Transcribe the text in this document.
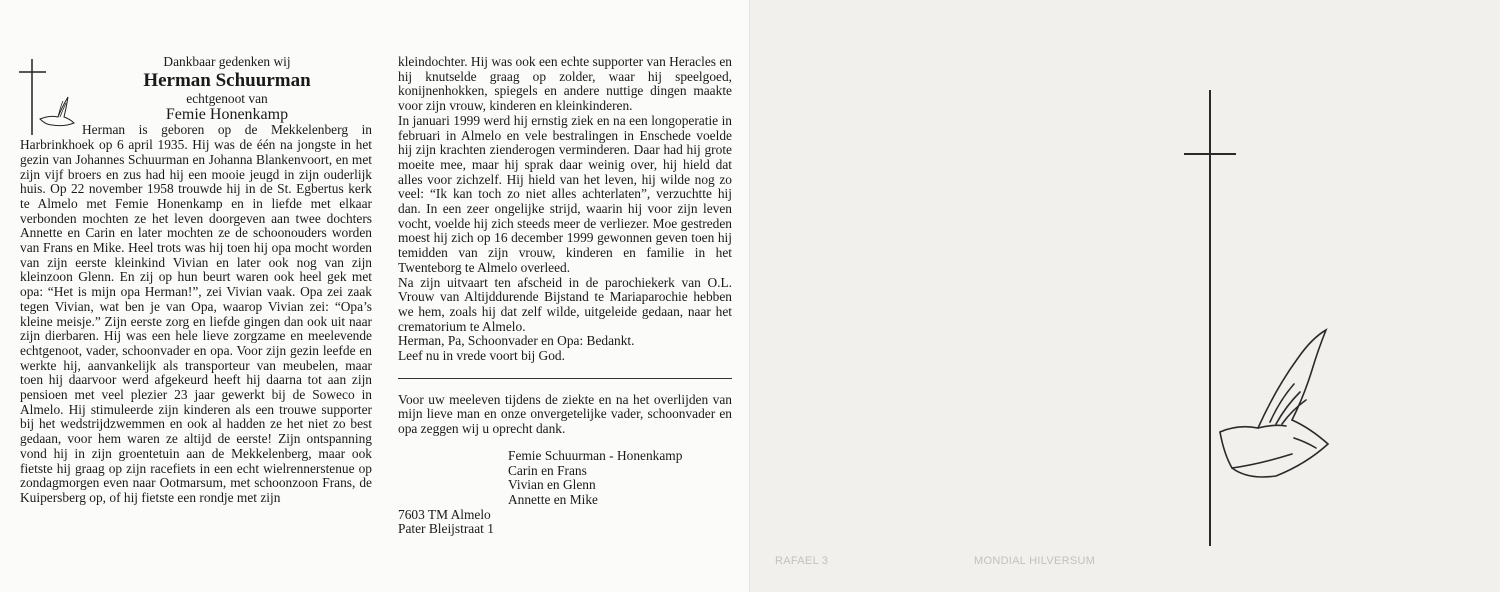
Dankbaar gedenken wij
Herman Schuurman
echtgenoot van
Femie Honenkamp

Herman is geboren op de Mekkelenberg in Harbrinkhoek op 6 april 1935. Hij was de één na jongste in het gezin van Johannes Schuurman en Johanna Blankenvoort, en met zijn vijf broers en zus had hij een mooie jeugd in zijn ouderlijk huis. Op 22 november 1958 trouwde hij in de St. Egbertus kerk te Almelo met Femie Honenkamp en in liefde met elkaar verbonden mochten ze het leven doorgeven aan twee dochters Annette en Carin en later mochten ze de schoonouders worden van Frans en Mike. Heel trots was hij toen hij opa mocht worden van zijn eerste kleinkind Vivian en later ook nog van zijn kleinzoon Glenn. En zij op hun beurt waren ook heel gek met opa: “Het is mijn opa Herman!”, zei Vivian vaak. Opa zei zaak tegen Vivian, wat ben je van Opa, waarop Vivian zei: “Opa’s kleine meisje.” Zijn eerste zorg en liefde gingen dan ook uit naar zijn dierbaren. Hij was een hele lieve zorgzame en meelevende echtgenoot, vader, schoonvader en opa. Voor zijn gezin leefde en werkte hij, aanvankelijk als transporteur van meubelen, maar toen hij daarvoor werd afgekeurd heeft hij daarna tot aan zijn pensioen met veel plezier 23 jaar gewerkt bij de Soweco in Almelo. Hij stimuleerde zijn kinderen als een trouwe supporter bij het wedstrijdzwemmen en ook al hadden ze het niet zo best gedaan, voor hem waren ze altijd de eerste! Zijn ontspanning vond hij in zijn groentetuin aan de Mekkelenberg, maar ook fietste hij graag op zijn racefiets in een echt wielrennerstenue op zondagmorgen even naar Ootmarsum, met schoonzoon Frans, de Kuipersberg op, of hij fietste een rondje met zijn

kleindochter. Hij was ook een echte supporter van Heracles en hij knutselde graag op zolder, waar hij speelgoed, konijnenhokken, spiegels en andere nuttige dingen maakte voor zijn vrouw, kinderen en kleinkinderen.

In januari 1999 werd hij ernstig ziek en na een longoperatie in februari in Almelo en vele bestralingen in Enschede voelde hij zijn krachten zienderogen verminderen. Daar had hij grote moeite mee, maar hij sprak daar weinig over, hij hield dat alles voor zichzelf. Hij hield van het leven, hij wilde nog zo veel: “Ik kan toch zo niet alles achterlaten”, verzuchtte hij dan. In een zeer ongelijke strijd, waarin hij voor zijn leven vocht, voelde hij zich steeds meer de verliezer. Moe gestreden moest hij zich op 16 december 1999 gewonnen geven toen hij temidden van zijn vrouw, kinderen en familie in het Twenteborg te Almelo overleed.

Na zijn uitvaart ten afscheid in de parochiekerk van O.L. Vrouw van Altijddurende Bijstand te Mariaparochie hebben we hem, zoals hij dat zelf wilde, uitgeleide gedaan, naar het crematorium te Almelo.

Herman, Pa, Schoonvader en Opa: Bedankt.

Leef nu in vrede voort bij God.

Voor uw meeleven tijdens de ziekte en na het overlijden van mijn lieve man en onze onvergetelijke vader, schoonvader en opa zeggen wij u oprecht dank.

Femie Schuurman - Honenkamp
Carin en Frans
Vivian en Glenn
Annette en Mike
7603 TM Almelo
Pater Bleijstraat 1
RAFAEL 3	MONDIAL HILVERSUM
